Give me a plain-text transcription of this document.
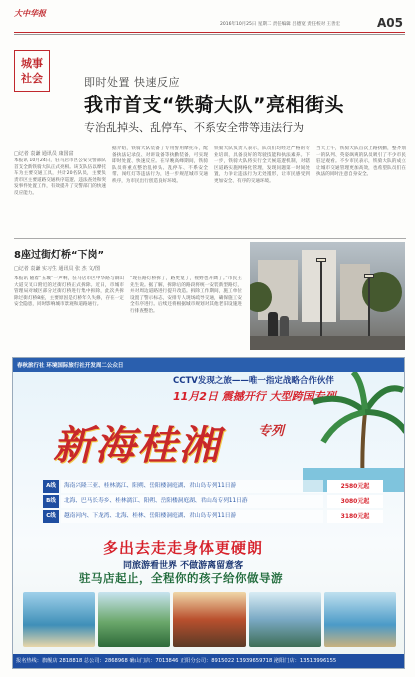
大中华报
2016年10月25日 星期二 责任编辑 吕德宽 责任校对 王善宏	A05
城事
社会	即时处置 快速反应
我市首支“铁骑大队”亮相街头
专治乱掉头、乱停车、不系安全带等违法行为
□记者 袁谦 通讯员 康国富

本报讯 10月24日，驻马店市区公安交警部队首支全新铁骑大队正式亮相。该支队伍以摩托车为主要交通工具，共计20名队员，主要负责市区主要道路交通秩序巡逻、违法查处和突发事件处置工作，有效提升了交警部门的快速反应能力。

据介绍，铁骑大队装备了专用警用摩托车，配备执法记录仪、对讲设备等执勤装备，可实现即时处置、快速反应。在早晚高峰期间，铁骑队员将重点整治乱掉头、乱停车、不系安全带、闯红灯等违法行为，进一步规范城市交通秩序，为市民出行创造良好环境。

铁骑大队负责人表示，队员们均经过严格的专业培训，具备良好的驾驶技能和执法素养。下一步，铁骑大队将实行全天候巡逻机制，对辖区道路实施网格化管理，发现问题第一时间处置，力争让违法行为无处遁形，让市民感受到更加安全、有序的交通环境。

当天上午，铁骑大队首次上路执勤，整齐划一的队列、英姿飒爽的队员吸引了不少市民驻足观看。不少市民表示，铁骑大队的成立让城市交通管理更加高效，也希望队员们在执法的同时注意自身安全。

8座过街灯桥“下岗”
□记者 袁谦 实习生 通讯员 张 杰 文/图

本报讯 随着“五城”一声响，驻马店市区中华路与铜山大道交叉口附近的过街灯桥正式拆除。近日，市城市管理局对城区部分过街灯桥进行集中拆除，此次共拆除过街灯桥8座，主要原因是灯桥年久失修，存在一定安全隐患，同时影响城市景观和道路通行。

“现在路灯桥拆了，路更宽了，视野也开阔了。”市民王先生说。据了解，拆除后的路段将统一安装新型路灯，并对周边道路进行提升改造。拆除工作期间，施工单位设置了警示标志，安排专人现场疏导交通，确保施工安全有序进行。后续还将根据城市规划对其他老旧设施进行排查整治。

春秋旅行社 环境国际旅行社开发周二公众日
CCTV发现之旅——唯一指定战略合作伙伴
11月2日 震撼开行 大型跨国专列
新海桂湘	专列
A线	海南兴隆三亚、桂林漓江、阳朔、岳阳楼洞庭湖、君山岛专列11日游	2580元起
B线	北海、巴马长寿乡、桂林漓江、阳朔、岳阳楼洞庭湖、君山岛专列11日游	3080元起
C线	越南河内、下龙湾、北海、桂林、岳阳楼洞庭湖、君山岛专列11日游	3180元起
多出去走走身体更硬朗
同旅游看世界 不做游离留意客
驻马店起止，全程你的孩子给你做导游
报名热线：旗舰店 2818818 总公司：2868968 确山门店：7013846 正阳分公司：8915022 13939659718 泌阳门店：13513996155
